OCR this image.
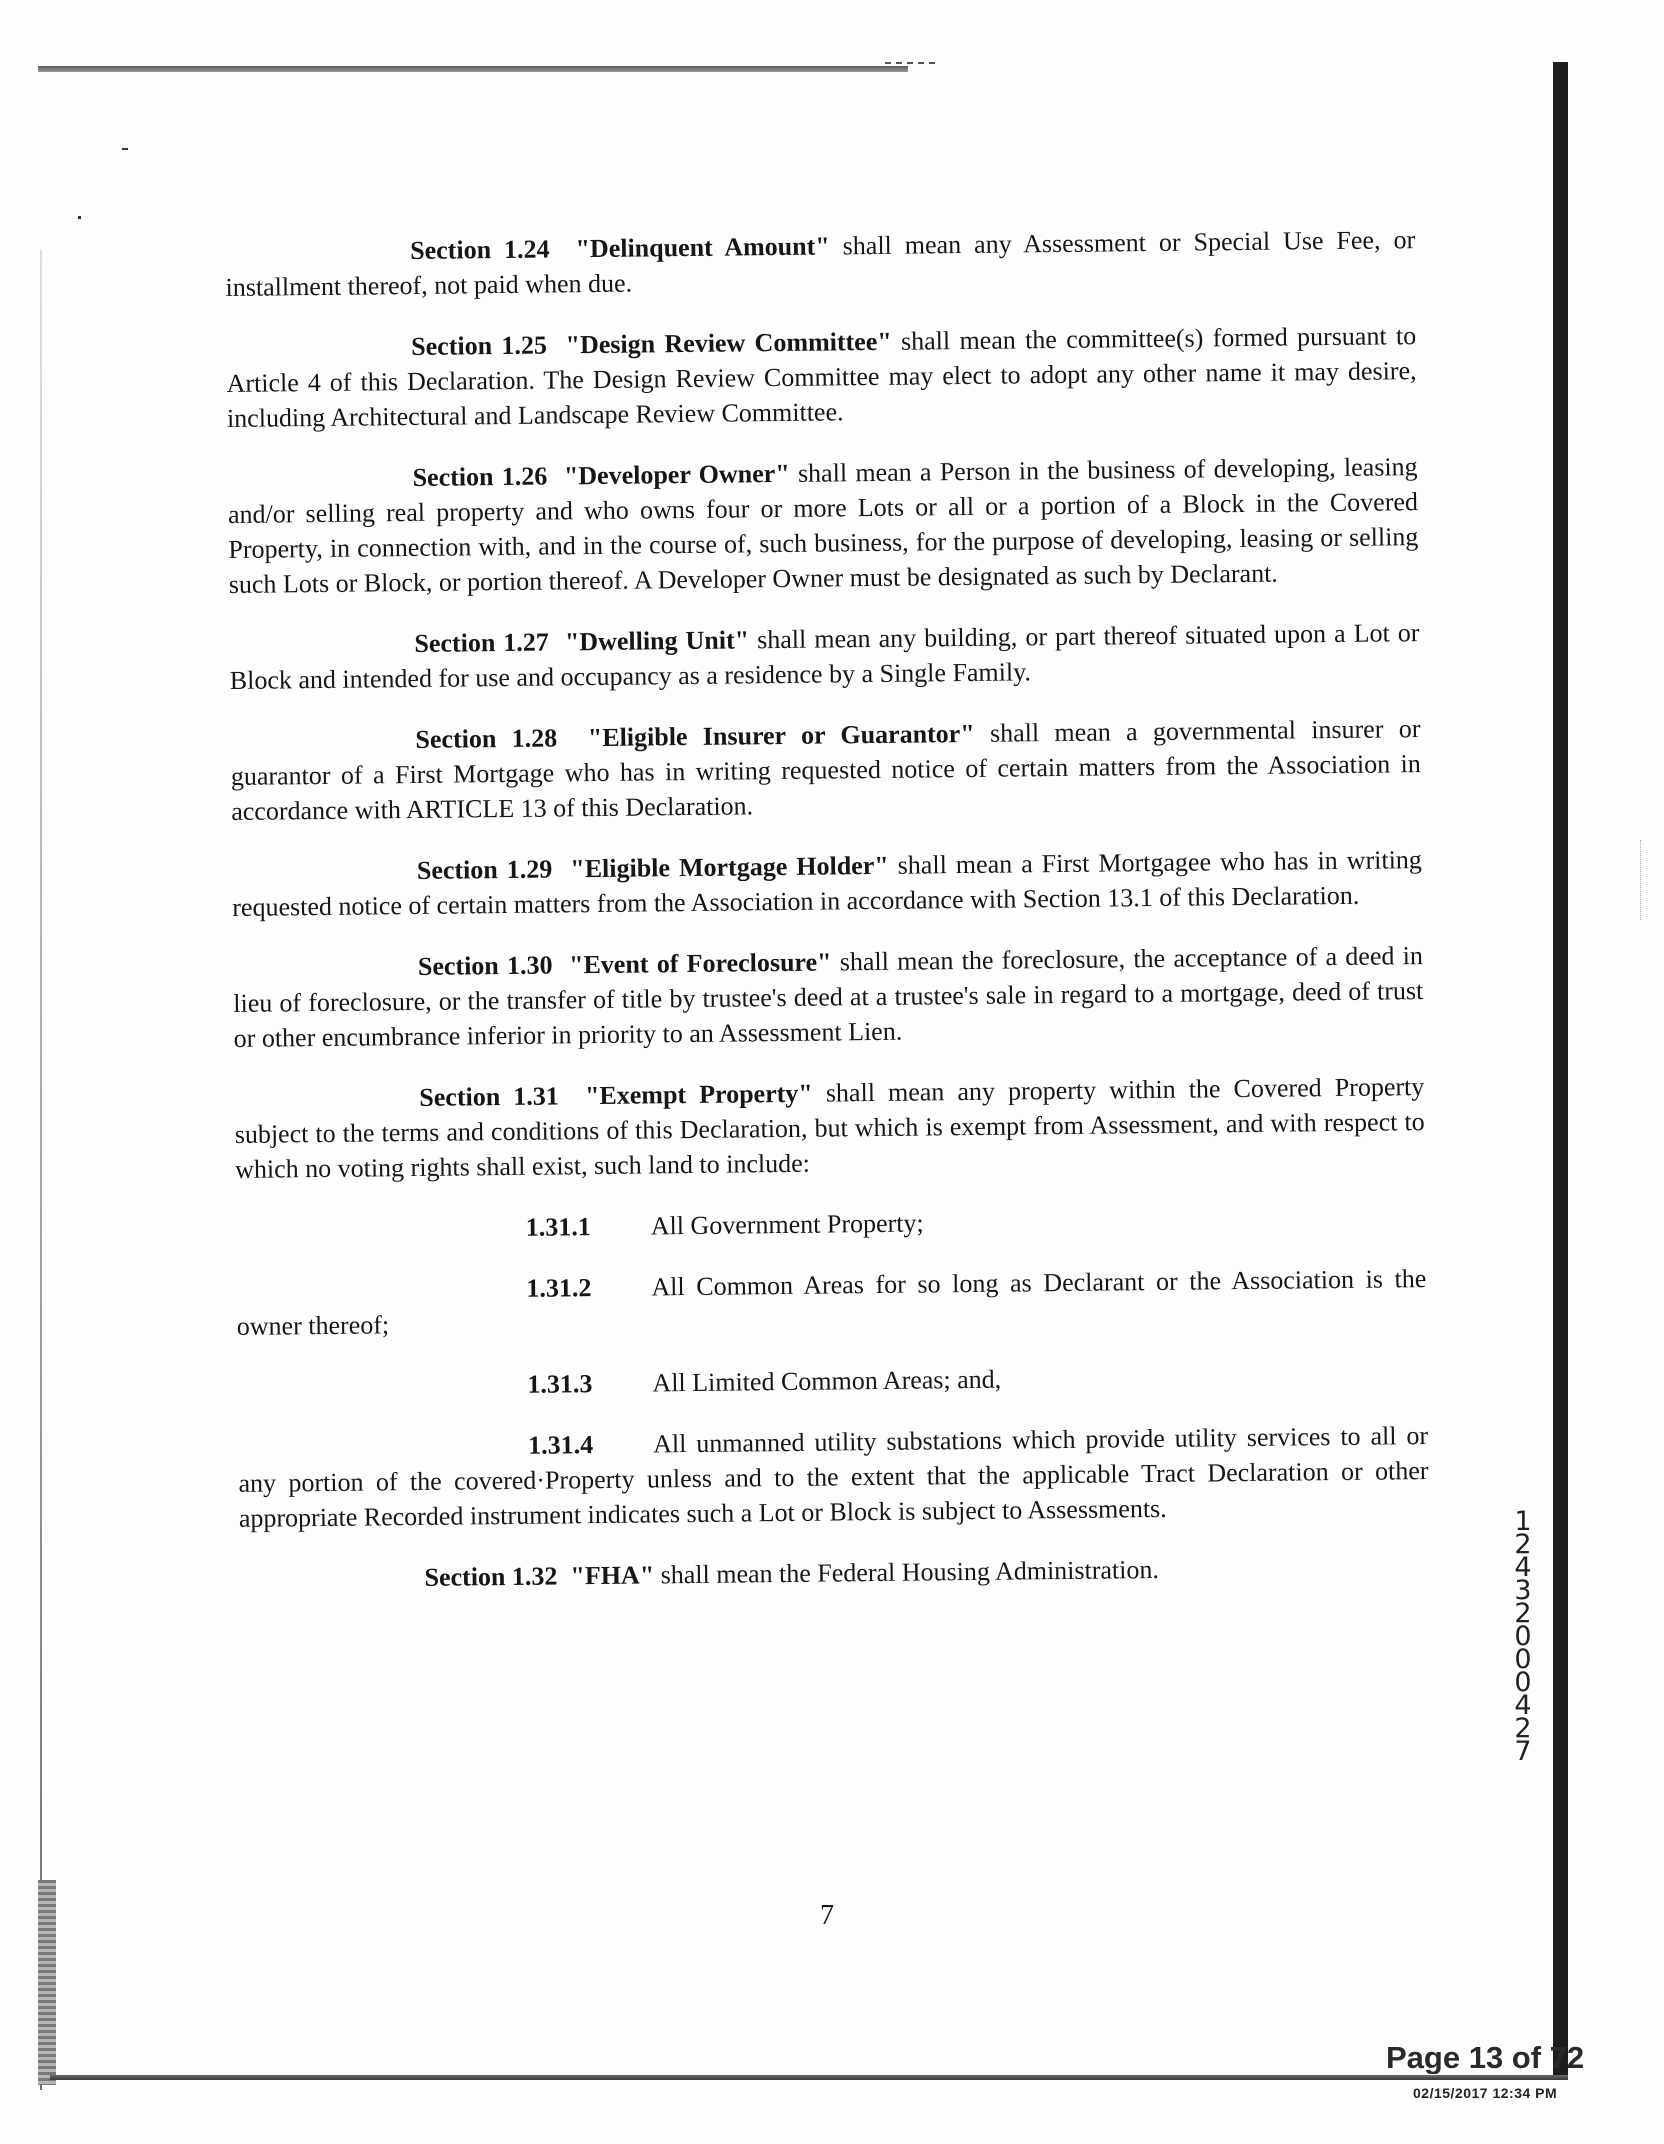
Section 1.24 "Delinquent Amount" shall mean any Assessment or Special Use Fee, or installment thereof, not paid when due.

Section 1.25 "Design Review Committee" shall mean the committee(s) formed pursuant to Article 4 of this Declaration. The Design Review Committee may elect to adopt any other name it may desire, including Architectural and Landscape Review Committee.

Section 1.26 "Developer Owner" shall mean a Person in the business of developing, leasing and/or selling real property and who owns four or more Lots or all or a portion of a Block in the Covered Property, in connection with, and in the course of, such business, for the purpose of developing, leasing or selling such Lots or Block, or portion thereof. A Developer Owner must be designated as such by Declarant.

Section 1.27 "Dwelling Unit" shall mean any building, or part thereof situated upon a Lot or Block and intended for use and occupancy as a residence by a Single Family.

Section 1.28 "Eligible Insurer or Guarantor" shall mean a governmental insurer or guarantor of a First Mortgage who has in writing requested notice of certain matters from the Association in accordance with ARTICLE 13 of this Declaration.

Section 1.29 "Eligible Mortgage Holder" shall mean a First Mortgagee who has in writing requested notice of certain matters from the Association in accordance with Section 13.1 of this Declaration.

Section 1.30 "Event of Foreclosure" shall mean the foreclosure, the acceptance of a deed in lieu of foreclosure, or the transfer of title by trustee's deed at a trustee's sale in regard to a mortgage, deed of trust or other encumbrance inferior in priority to an Assessment Lien.

Section 1.31 "Exempt Property" shall mean any property within the Covered Property subject to the terms and conditions of this Declaration, but which is exempt from Assessment, and with respect to which no voting rights shall exist, such land to include:

1.31.1 All Government Property;

1.31.2 All Common Areas for so long as Declarant or the Association is the owner thereof;

1.31.3 All Limited Common Areas; and,

1.31.4 All unmanned utility substations which provide utility services to all or any portion of the covered·Property unless and to the extent that the applicable Tract Declaration or other appropriate Recorded instrument indicates such a Lot or Block is subject to Assessments.

Section 1.32 "FHA" shall mean the Federal Housing Administration.

7
124320 00427
Page 13 of 72
02/15/2017 12:34 PM
